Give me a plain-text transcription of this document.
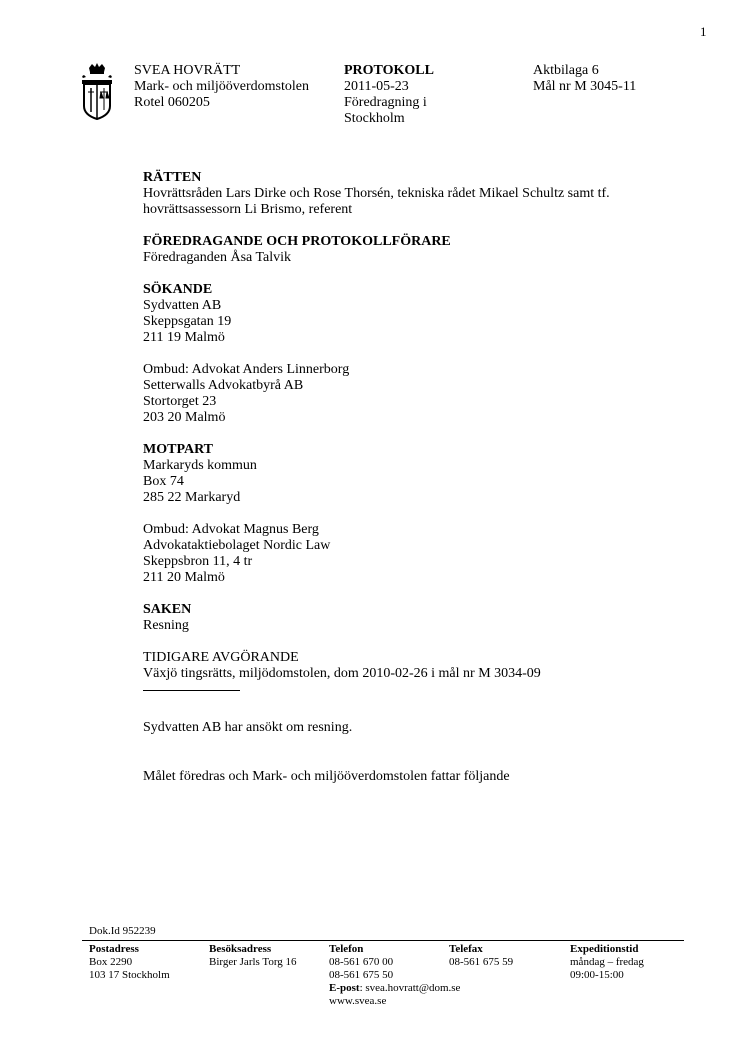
1
SVEA HOVRÄTT
Mark- och miljööverdomstolen
Rotel 060205
PROTOKOLL
2011-05-23
Föredragning i
Stockholm
Aktbilaga 6
Mål nr M 3045-11
RÄTTEN
Hovrättsråden Lars Dirke och Rose Thorsén, tekniska rådet Mikael Schultz samt tf.
hovrättsassessorn Li Brismo, referent
FÖREDRAGANDE OCH PROTOKOLLFÖRARE
Föredraganden Åsa Talvik
SÖKANDE
Sydvatten AB
Skeppsgatan 19
211 19 Malmö
Ombud: Advokat Anders Linnerborg
Setterwalls Advokatbyrå AB
Stortorget 23
203 20 Malmö
MOTPART
Markaryds kommun
Box 74
285 22 Markaryd
Ombud: Advokat Magnus Berg
Advokataktiebolaget Nordic Law
Skeppsbron 11, 4 tr
211 20 Malmö
SAKEN
Resning
TIDIGARE AVGÖRANDE
Växjö tingsrätts, miljödomstolen, dom 2010-02-26 i mål nr M 3034-09
Sydvatten AB har ansökt om resning.
Målet föredras och Mark- och miljööverdomstolen fattar följande
Dok.Id 952239
Postadress
Box 2290
103 17 Stockholm
Besöksadress
Birger Jarls Torg 16
Telefon
08-561 670 00
08-561 675 50
E-post: svea.hovratt@dom.se
www.svea.se
Telefax
08-561 675 59
Expeditionstid
måndag – fredag
09:00-15:00
